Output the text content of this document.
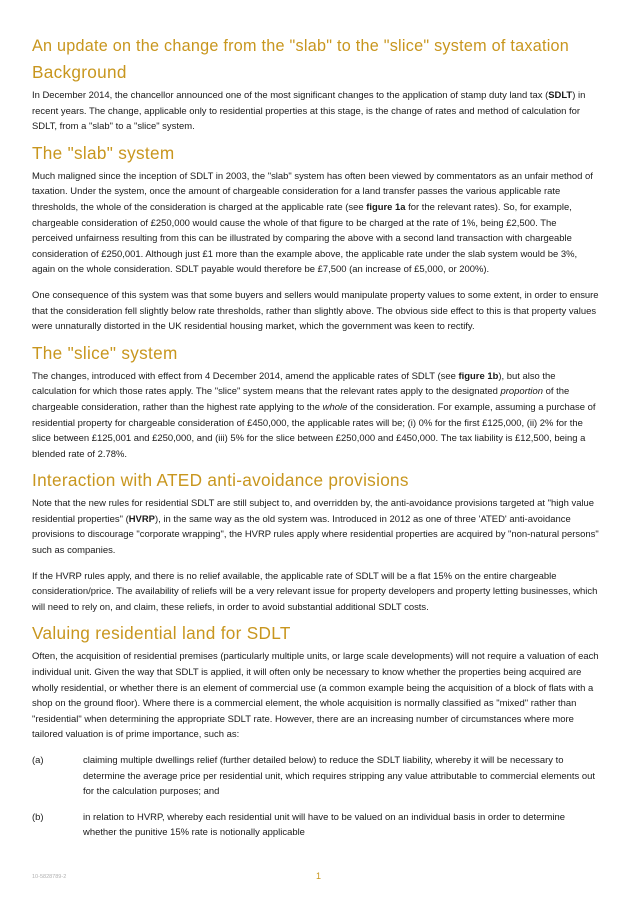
An update on the change from the "slab" to the "slice" system of taxation
Background

In December 2014, the chancellor announced one of the most significant changes to the application of stamp duty land tax (SDLT) in recent years. The change, applicable only to residential properties at this stage, is the change of rates and method of calculation for SDLT, from a "slab" to a "slice" system.

The "slab" system

Much maligned since the inception of SDLT in 2003, the "slab" system has often been viewed by commentators as an unfair method of taxation. Under the system, once the amount of chargeable consideration for a land transfer passes the various applicable rate thresholds, the whole of the consideration is charged at the applicable rate (see figure 1a for the relevant rates). So, for example, chargeable consideration of £250,000 would cause the whole of that figure to be charged at the rate of 1%, being £2,500. The perceived unfairness resulting from this can be illustrated by comparing the above with a second land transaction with chargeable consideration of £250,001. Although just £1 more than the example above, the applicable rate under the slab system would be 3%, again on the whole consideration. SDLT payable would therefore be £7,500 (an increase of £5,000, or 200%).

One consequence of this system was that some buyers and sellers would manipulate property values to some extent, in order to ensure that the consideration fell slightly below rate thresholds, rather than slightly above. The obvious side effect to this is that property values were unnaturally distorted in the UK residential housing market, which the government was keen to rectify.

The "slice" system

The changes, introduced with effect from 4 December 2014, amend the applicable rates of SDLT (see figure 1b), but also the calculation for which those rates apply. The "slice" system means that the relevant rates apply to the designated proportion of the chargeable consideration, rather than the highest rate applying to the whole of the consideration. For example, assuming a purchase of residential property for chargeable consideration of £450,000, the applicable rates will be; (i) 0% for the first £125,000, (ii) 2% for the slice between £125,001 and £250,000, and (iii) 5% for the slice between £250,000 and £450,000. The tax liability is £12,500, being a blended rate of 2.78%.

Interaction with ATED anti-avoidance provisions

Note that the new rules for residential SDLT are still subject to, and overridden by, the anti-avoidance provisions targeted at "high value residential properties" (HVRP), in the same way as the old system was. Introduced in 2012 as one of three 'ATED' anti-avoidance provisions to discourage "corporate wrapping", the HVRP rules apply where residential properties are acquired by "non-natural persons" such as companies.

If the HVRP rules apply, and there is no relief available, the applicable rate of SDLT will be a flat 15% on the entire chargeable consideration/price. The availability of reliefs will be a very relevant issue for property developers and property letting businesses, which will need to rely on, and claim, these reliefs, in order to avoid substantial additional SDLT costs.

Valuing residential land for SDLT

Often, the acquisition of residential premises (particularly multiple units, or large scale developments) will not require a valuation of each individual unit. Given the way that SDLT is applied, it will often only be necessary to know whether the properties being acquired are wholly residential, or whether there is an element of commercial use (a common example being the acquisition of a block of flats with a shop on the ground floor). Where there is a commercial element, the whole acquisition is normally classified as "mixed" rather than "residential" when determining the appropriate SDLT rate. However, there are an increasing number of circumstances where more tailored valuation is of prime importance, such as:

(a)	claiming multiple dwellings relief (further detailed below) to reduce the SDLT liability, whereby it will be necessary to determine the average price per residential unit, which requires stripping any value attributable to commercial elements out for the calculation purposes; and
(b)	in relation to HVRP, whereby each residential unit will have to be valued on an individual basis in order to determine whether the punitive 15% rate is notionally applicable
10-5828789-2	1
